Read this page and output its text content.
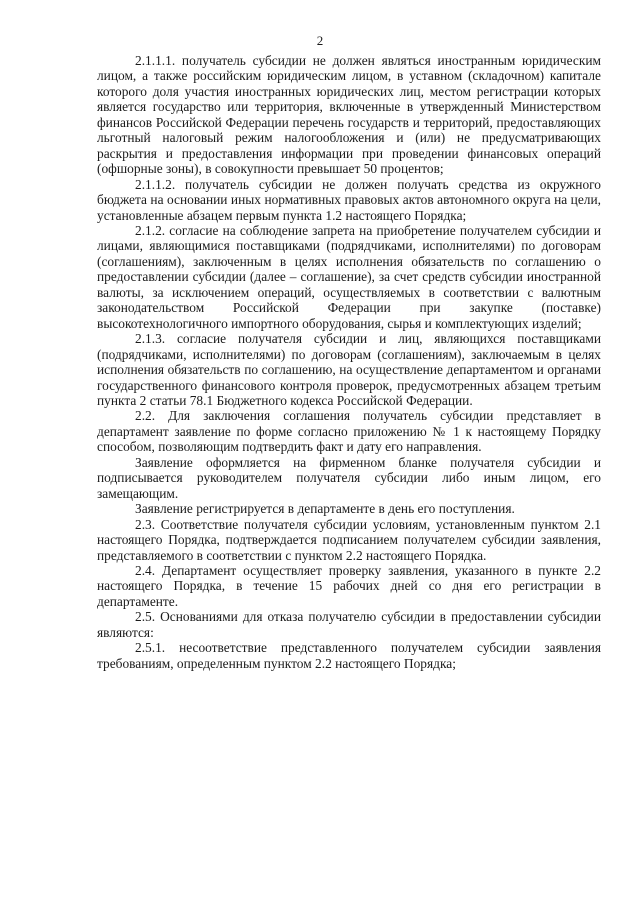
2

2.1.1.1. получатель субсидии не должен являться иностранным юридическим лицом, а также российским юридическим лицом, в уставном (складочном) капитале которого доля участия иностранных юридических лиц, местом регистрации которых является государство или территория, включенные в утвержденный Министерством финансов Российской Федерации перечень государств и территорий, предоставляющих льготный налоговый режим налогообложения и (или) не предусматривающих раскрытия и предоставления информации при проведении финансовых операций (офшорные зоны), в совокупности превышает 50 процентов;

2.1.1.2. получатель субсидии не должен получать средства из окружного бюджета на основании иных нормативных правовых актов автономного округа на цели, установленные абзацем первым пункта 1.2 настоящего Порядка;

2.1.2. согласие на соблюдение запрета на приобретение получателем субсидии и лицами, являющимися поставщиками (подрядчиками, исполнителями) по договорам (соглашениям), заключенным в целях исполнения обязательств по соглашению о предоставлении субсидии (далее – соглашение), за счет средств субсидии иностранной валюты, за исключением операций, осуществляемых в соответствии с валютным законодательством Российской Федерации при закупке (поставке) высокотехнологичного импортного оборудования, сырья и комплектующих изделий;

2.1.3. согласие получателя субсидии и лиц, являющихся поставщиками (подрядчиками, исполнителями) по договорам (соглашениям), заключаемым в целях исполнения обязательств по соглашению, на осуществление департаментом и органами государственного финансового контроля проверок, предусмотренных абзацем третьим пункта 2 статьи 78.1 Бюджетного кодекса Российской Федерации.

2.2. Для заключения соглашения получатель субсидии представляет в департамент заявление по форме согласно приложению № 1 к настоящему Порядку способом, позволяющим подтвердить факт и дату его направления.

Заявление оформляется на фирменном бланке получателя субсидии и подписывается руководителем получателя субсидии либо иным лицом, его замещающим.

Заявление регистрируется в департаменте в день его поступления.

2.3. Соответствие получателя субсидии условиям, установленным пунктом 2.1 настоящего Порядка, подтверждается подписанием получателем субсидии заявления, представляемого в соответствии с пунктом 2.2 настоящего Порядка.

2.4. Департамент осуществляет проверку заявления, указанного в пункте 2.2 настоящего Порядка, в течение 15 рабочих дней со дня его регистрации в департаменте.

2.5. Основаниями для отказа получателю субсидии в предоставлении субсидии являются:

2.5.1. несоответствие представленного получателем субсидии заявления требованиям, определенным пунктом 2.2 настоящего Порядка;
